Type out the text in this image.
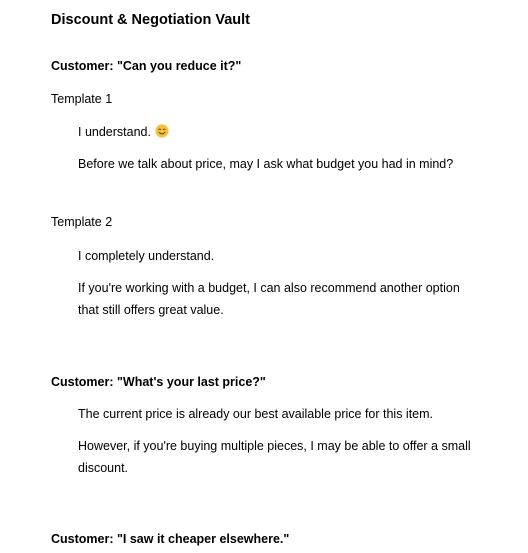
Discount & Negotiation Vault
Customer: "Can you reduce it?"
Template 1
I understand.
Before we talk about price, may I ask what budget you had in mind?
Template 2
I completely understand.
If you're working with a budget, I can also recommend another option that still offers great value.
Customer: "What's your last price?"
The current price is already our best available price for this item.
However, if you're buying multiple pieces, I may be able to offer a small discount.
Customer: "I saw it cheaper elsewhere."
